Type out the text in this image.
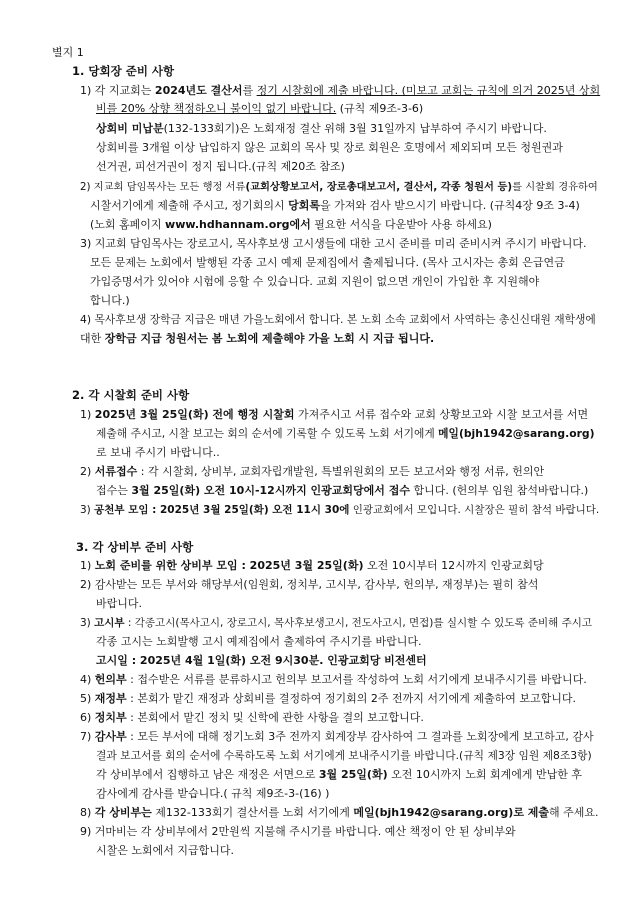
별지 1
1. 당회장 준비 사항
1) 각 지교회는 2024년도 결산서를 정기 시찰회에 제출 바랍니다. (미보고 교회는 규칙에 의거 2025년 상회
비를 20% 상향 책정하오니 불이익 없기 바랍니다. (규칙 제9조-3-6)
상회비 미납분(132-133회기)은 노회재정 결산 위해 3월 31일까지 납부하여 주시기 바랍니다.
상회비를 3개월 이상 납입하지 않은 교회의 목사 및 장로 회원은 호명에서 제외되며 모든 청원권과
선거권, 피선거권이 정지 됩니다.(규칙 제20조 참조)
2) 지교회 담임목사는 모든 행정 서류(교회상황보고서, 장로총대보고서, 결산서, 각종 청원서 등)를 시찰회 경유하여
시찰서기에게 제출해 주시고, 정기회의시 당회록을 가져와 검사 받으시기 바랍니다. (규칙4장 9조 3-4)
(노회 홈페이지 www.hdhannam.org에서 필요한 서식을 다운받아 사용 하세요)
3) 지교회 담임목사는 장로고시, 목사후보생 고시생들에 대한 고시 준비를 미리 준비시켜 주시기 바랍니다.
모든 문제는 노회에서 발행된 각종 고시 예제 문제집에서 출제됩니다. (목사 고시자는 총회 은급연금
가입증명서가 있어야 시험에 응할 수 있습니다. 교회 지원이 없으면 개인이 가입한 후 지원해야
합니다.)
4) 목사후보생 장학금 지급은 매년 가을노회에서 합니다. 본 노회 소속 교회에서 사역하는 총신신대원 재학생에
대한 장학금 지급 청원서는 봄 노회에 제출해야 가을 노회 시 지급 됩니다.
2. 각 시찰회 준비 사항
1) 2025년 3월 25일(화) 전에 행정 시찰회 가져주시고 서류 접수와 교회 상황보고와 시찰 보고서를 서면
제출해 주시고, 시찰 보고는 회의 순서에 기록할 수 있도록 노회 서기에게 메일(bjh1942@sarang.org)
로 보내 주시기 바랍니다..
2) 서류접수 : 각 시찰회, 상비부, 교회자립개발원, 특별위원회의 모든 보고서와 행정 서류, 헌의안
접수는 3월 25일(화) 오전 10시-12시까지 인광교회당에서 접수 합니다. (헌의부 임원 참석바랍니다.)
3) 공천부 모임 : 2025년 3월 25일(화) 오전 11시 30에 인광교회에서 모입니다. 시찰장은 필히 참석 바랍니다.
3. 각 상비부 준비 사항
1) 노회 준비를 위한 상비부 모임 : 2025년 3월 25일(화) 오전 10시부터 12시까지 인광교회당
2) 감사받는 모든 부서와 해당부서(임원회, 정치부, 고시부, 감사부, 헌의부, 재정부)는 필히 참석
바랍니다.
3) 고시부 : 각종고시(목사고시, 장로고시, 목사후보생고시, 전도사고시, 면접)를 실시할 수 있도록 준비해 주시고
각종 고시는 노회발행 고시 예제집에서 출제하여 주시기를 바랍니다.
고시일 : 2025년 4월 1일(화) 오전 9시30분. 인광교회당 비전센터
4) 헌의부 : 접수받은 서류를 분류하시고 헌의부 보고서를 작성하여 노회 서기에게 보내주시기를 바랍니다.
5) 재정부 : 본회가 맡긴 재정과 상회비를 결정하여 정기회의 2주 전까지 서기에게 제출하여 보고합니다.
6) 정치부 : 본회에서 맡긴 정치 및 신학에 관한 사항을 결의 보고합니다.
7) 감사부 : 모든 부서에 대해 정기노회 3주 전까지 회계장부 감사하여 그 결과를 노회장에게 보고하고, 감사
결과 보고서를 회의 순서에 수록하도록 노회 서기에게 보내주시기를 바랍니다.(규칙 제3장 임원 제8조3항)
각 상비부에서 집행하고 남은 재정은 서면으로 3월 25일(화) 오전 10시까지 노회 회계에게 반납한 후
감사에게 감사를 받습니다.( 규칙 제9조-3-(16) )
8) 각 상비부는 제132-133회기 결산서를 노회 서기에게 메일(bjh1942@sarang.org)로 제출해 주세요.
9) 거마비는 각 상비부에서 2만원씩 지불해 주시기를 바랍니다. 예산 책정이 안 된 상비부와
시찰은 노회에서 지급합니다.
